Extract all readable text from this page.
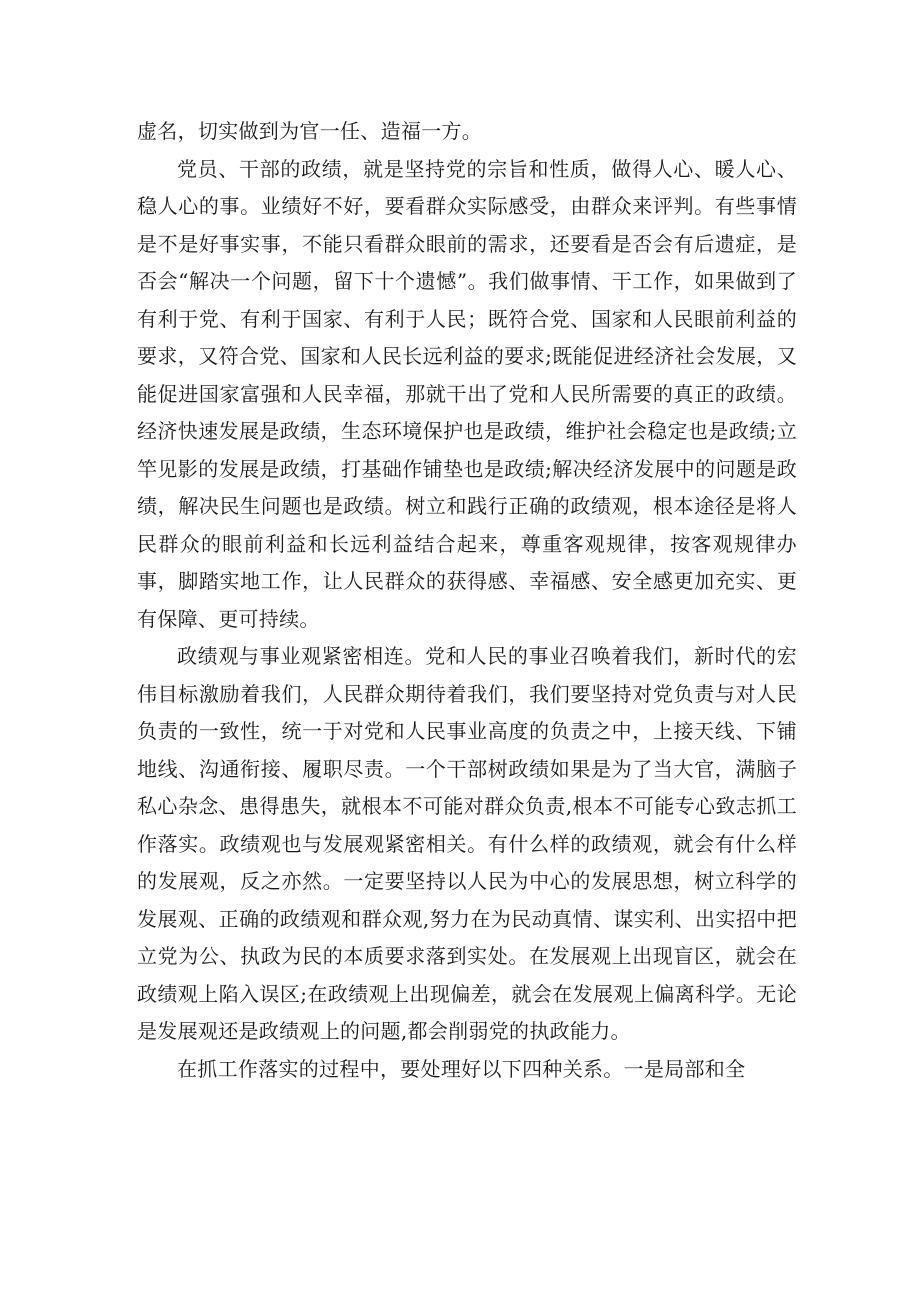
虚名，切实做到为官一任、造福一方。

党员、干部的政绩，就是坚持党的宗旨和性质，做得人心、暖人心、稳人心的事。业绩好不好，要看群众实际感受，由群众来评判。有些事情是不是好事实事，不能只看群众眼前的需求，还要看是否会有后遗症，是否会“解决一个问题，留下十个遗憾”。我们做事情、干工作，如果做到了有利于党、有利于国家、有利于人民；既符合党、国家和人民眼前利益的要求，又符合党、国家和人民长远利益的要求;既能促进经济社会发展，又能促进国家富强和人民幸福，那就干出了党和人民所需要的真正的政绩。经济快速发展是政绩，生态环境保护也是政绩，维护社会稳定也是政绩;立竿见影的发展是政绩，打基础作铺垫也是政绩;解决经济发展中的问题是政绩，解决民生问题也是政绩。树立和践行正确的政绩观，根本途径是将人民群众的眼前利益和长远利益结合起来，尊重客观规律，按客观规律办事，脚踏实地工作，让人民群众的获得感、幸福感、安全感更加充实、更有保障、更可持续。

政绩观与事业观紧密相连。党和人民的事业召唤着我们，新时代的宏伟目标激励着我们，人民群众期待着我们，我们要坚持对党负责与对人民负责的一致性，统一于对党和人民事业高度的负责之中，上接天线、下铺地线、沟通衔接、履职尽责。一个干部树政绩如果是为了当大官，满脑子私心杂念、患得患失，就根本不可能对群众负责,根本不可能专心致志抓工作落实。政绩观也与发展观紧密相关。有什么样的政绩观，就会有什么样的发展观，反之亦然。一定要坚持以人民为中心的发展思想，树立科学的发展观、正确的政绩观和群众观,努力在为民动真情、谋实利、出实招中把立党为公、执政为民的本质要求落到实处。在发展观上出现盲区，就会在政绩观上陷入误区;在政绩观上出现偏差，就会在发展观上偏离科学。无论是发展观还是政绩观上的问题,都会削弱党的执政能力。

在抓工作落实的过程中，要处理好以下四种关系。一是局部和全
